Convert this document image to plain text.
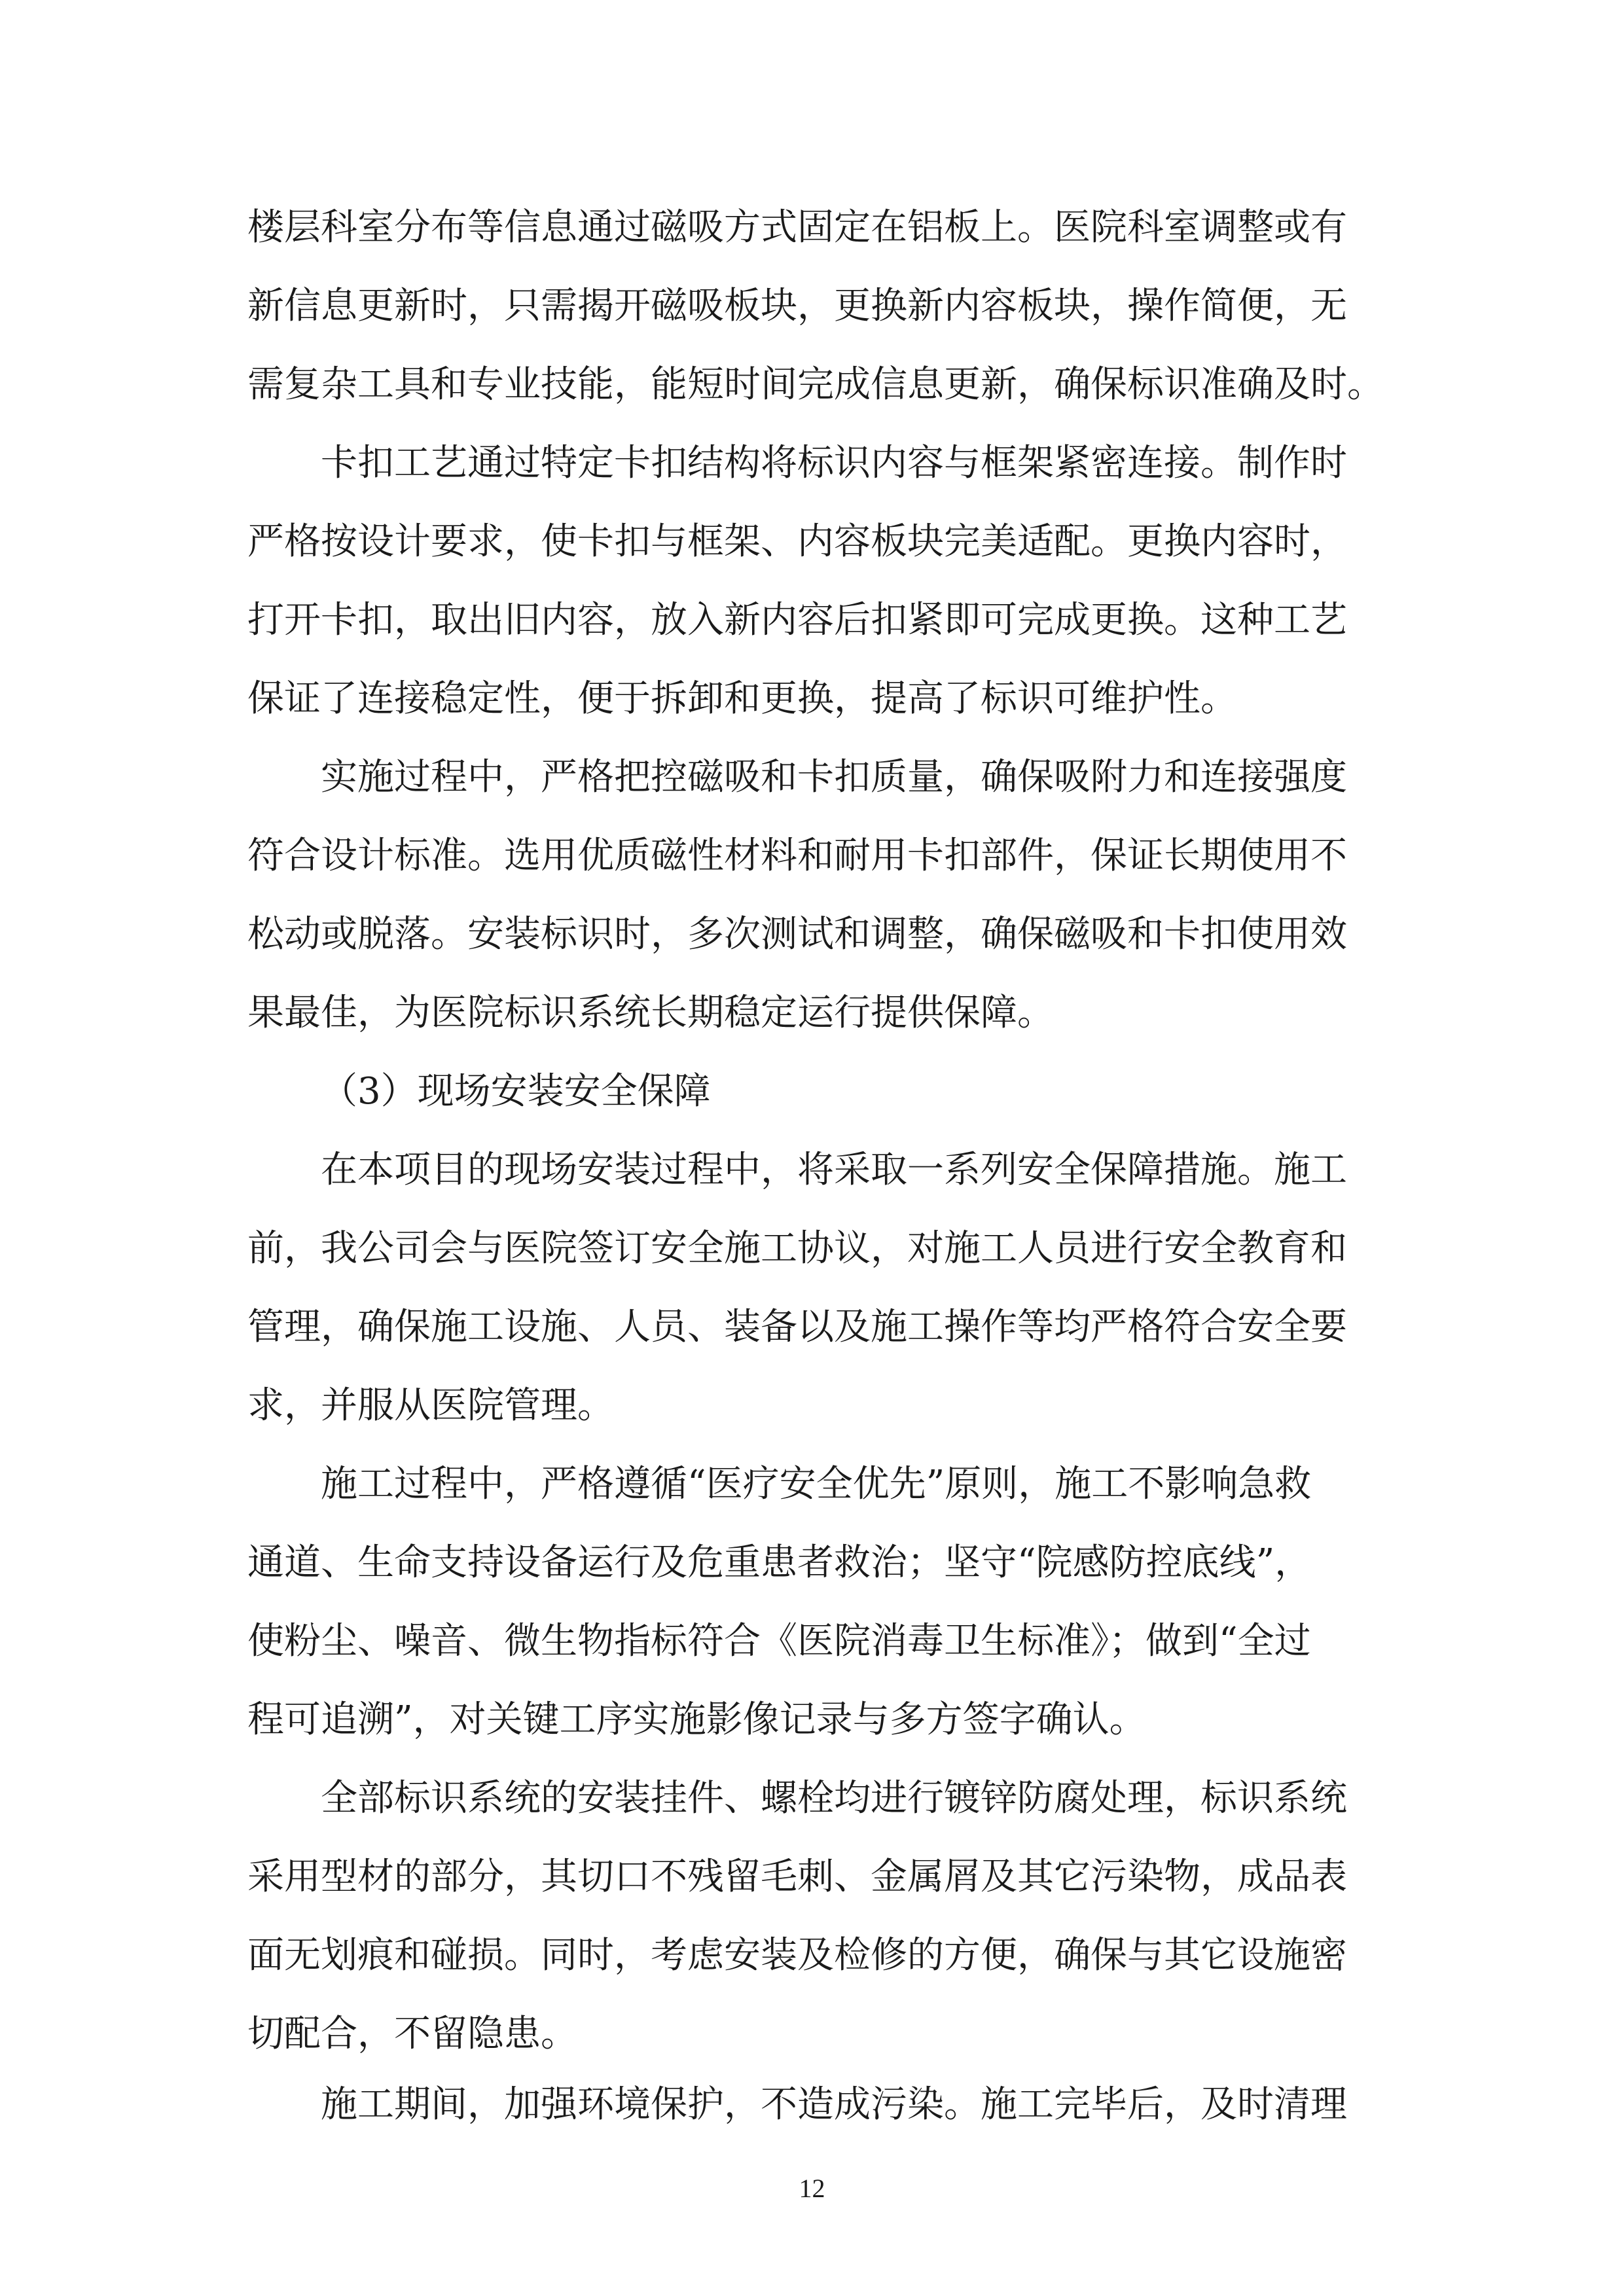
楼层科室分布等信息通过磁吸方式固定在铝板上。医院科室调整或有
新信息更新时，只需揭开磁吸板块，更换新内容板块，操作简便，无
需复杂工具和专业技能，能短时间完成信息更新，确保标识准确及时。
卡扣工艺通过特定卡扣结构将标识内容与框架紧密连接。制作时
严格按设计要求，使卡扣与框架、内容板块完美适配。更换内容时，
打开卡扣，取出旧内容，放入新内容后扣紧即可完成更换。这种工艺
保证了连接稳定性，便于拆卸和更换，提高了标识可维护性。
实施过程中，严格把控磁吸和卡扣质量，确保吸附力和连接强度
符合设计标准。选用优质磁性材料和耐用卡扣部件，保证长期使用不
松动或脱落。安装标识时，多次测试和调整，确保磁吸和卡扣使用效
果最佳，为医院标识系统长期稳定运行提供保障。
（3）现场安装安全保障
在本项目的现场安装过程中，将采取一系列安全保障措施。施工
前，我公司会与医院签订安全施工协议，对施工人员进行安全教育和
管理，确保施工设施、人员、装备以及施工操作等均严格符合安全要
求，并服从医院管理。
施工过程中，严格遵循“医疗安全优先”原则，施工不影响急救
通道、生命支持设备运行及危重患者救治；坚守“院感防控底线”，
使粉尘、噪音、微生物指标符合《医院消毒卫生标准》；做到“全过
程可追溯”，对关键工序实施影像记录与多方签字确认。
全部标识系统的安装挂件、螺栓均进行镀锌防腐处理，标识系统
采用型材的部分，其切口不残留毛刺、金属屑及其它污染物，成品表
面无划痕和碰损。同时，考虑安装及检修的方便，确保与其它设施密
切配合，不留隐患。
施工期间，加强环境保护，不造成污染。施工完毕后，及时清理
12
